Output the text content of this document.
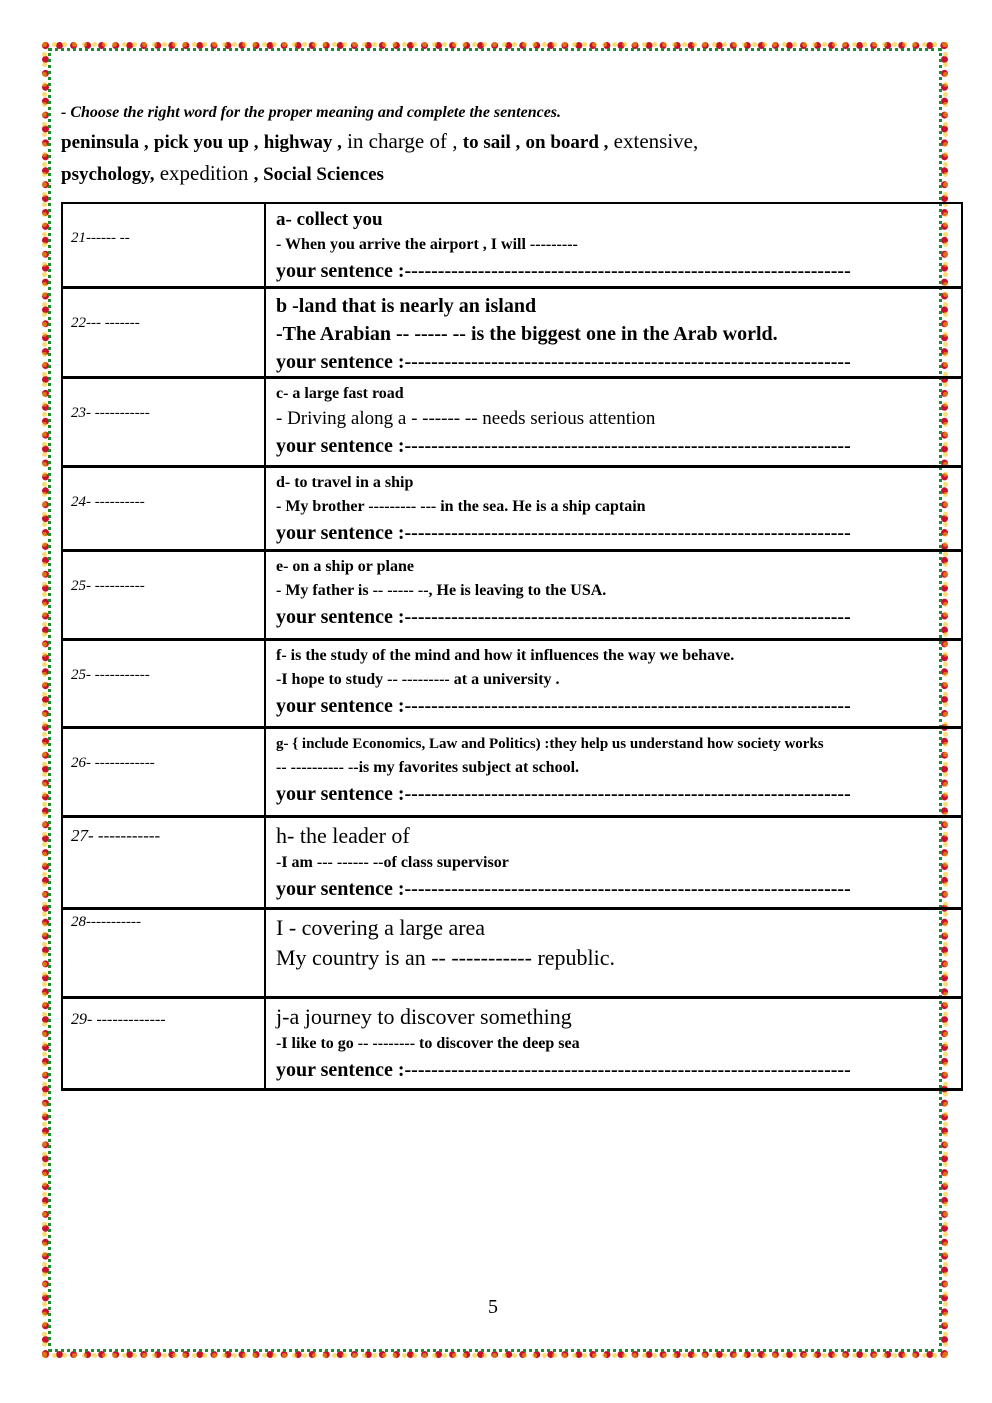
- Choose the right word for the proper meaning and complete the sentences.
peninsula , pick you up , highway , in charge of , to sail , on board , extensive,
psychology, expedition , Social Sciences
21------ --	a- collect you
- When you arrive the airport , I will ---------
your sentence :-------------------------------------------------------------------

22--- -------	b -land that is nearly an island
-The Arabian -- ----- -- is the biggest one in the Arab world.
your sentence :-------------------------------------------------------------------

23- -----------	c- a large fast road
- Driving along a - ------ -- needs serious attention
your sentence :-------------------------------------------------------------------

24- ----------	d- to travel in a ship
- My brother --------- --- in the sea. He is a ship captain
your sentence :-------------------------------------------------------------------

25- ----------	e- on a ship or plane
- My father is -- ----- --, He is leaving to the USA.
your sentence :-------------------------------------------------------------------

25- -----------	f- is the study of the mind and how it influences the way we behave.
-I hope to study -- --------- at a university .
your sentence :-------------------------------------------------------------------

26- ------------	g- { include Economics, Law and Politics) :they help us understand how society works
-- ---------- --is my favorites subject at school.
your sentence :-------------------------------------------------------------------

27- -----------	h- the leader of
-I am --- ------ --of class supervisor
your sentence :-------------------------------------------------------------------

28-----------	I - covering a large area
My country is an -- ----------- republic.

29- -------------	j-a journey to discover something
-I like to go -- -------- to discover the deep sea
your sentence :-------------------------------------------------------------------
5
